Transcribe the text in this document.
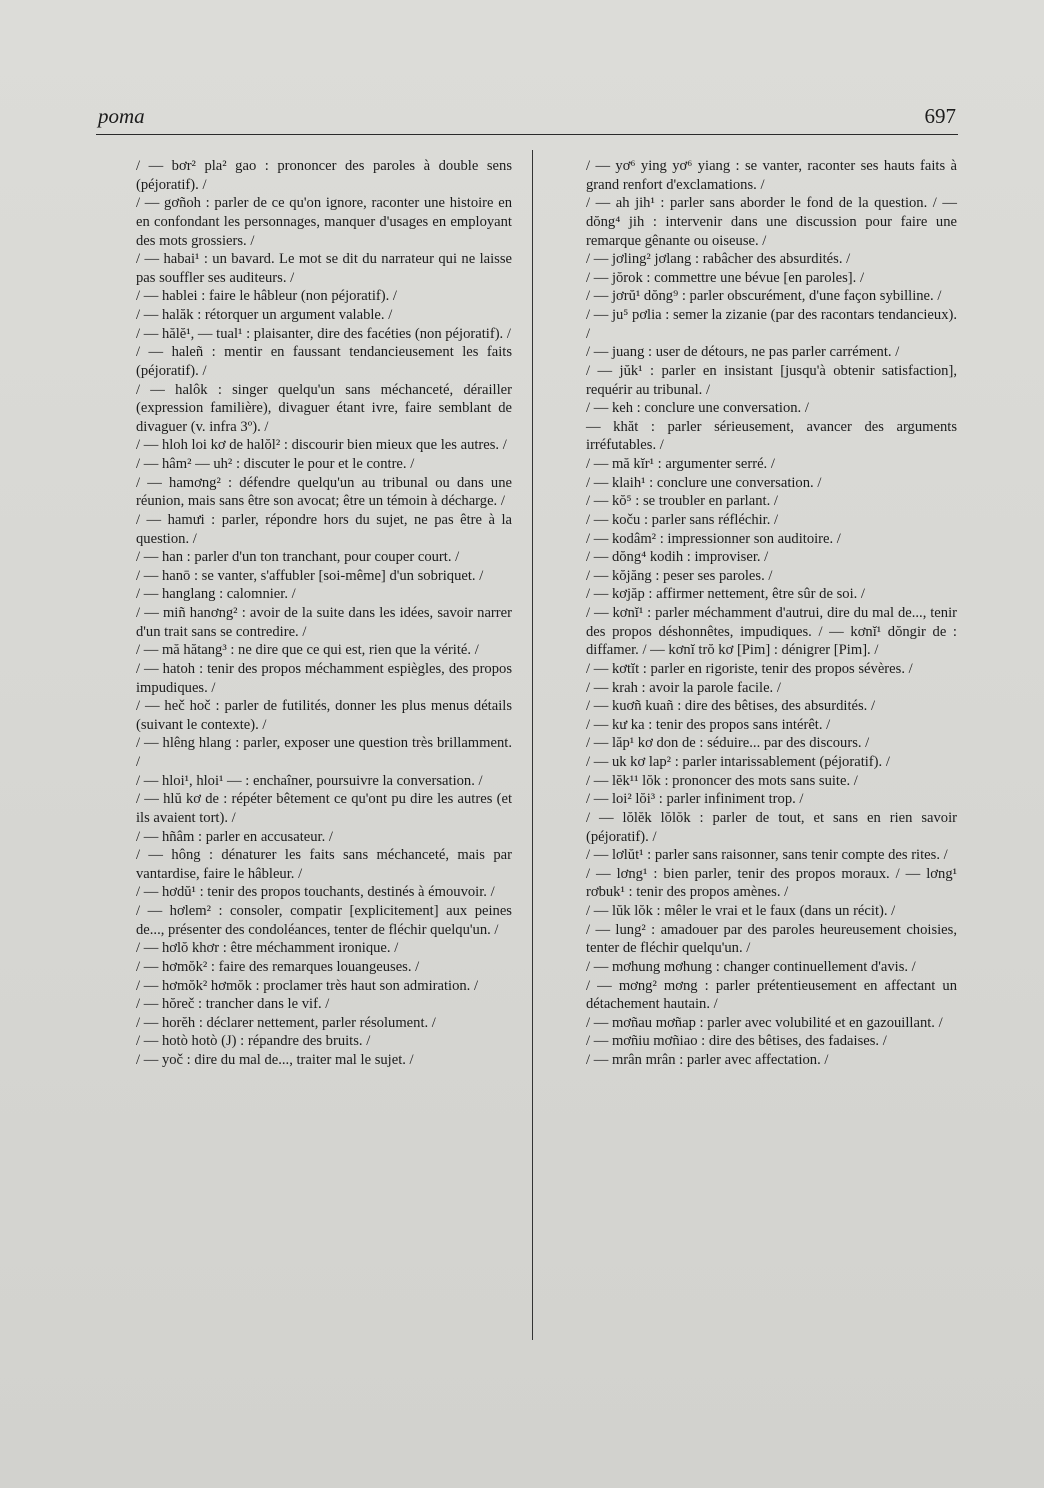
poma	697

/ — bơr² pla² gao : prononcer des paroles à double sens (péjoratif). /

/ — gơñoh : parler de ce qu'on ignore, raconter une histoire en en confondant les personnages, manquer d'usages en employant des mots grossiers. /

/ — habai¹ : un bavard. Le mot se dit du narrateur qui ne laisse pas souffler ses auditeurs. /

/ — hablei : faire le hâbleur (non péjoratif). /

/ — halăk : rétorquer un argument valable. /

/ — hălĕ¹, — tual¹ : plaisanter, dire des facéties (non péjoratif). /

/ — haleñ : mentir en faussant tendancieusement les faits (péjoratif). /

/ — halôk : singer quelqu'un sans méchanceté, dérailler (expression familière), divaguer étant ivre, faire semblant de divaguer (v. infra 3º). /

/ — hloh loi kơ de halŏl² : discourir bien mieux que les autres. /

/ — hâm² — uh² : discuter le pour et le contre. /

/ — hamơng² : défendre quelqu'un au tribunal ou dans une réunion, mais sans être son avocat; être un témoin à décharge. /

/ — hamưi : parler, répondre hors du sujet, ne pas être à la question. /

/ — han : parler d'un ton tranchant, pour couper court. /

/ — hanō : se vanter, s'affubler [soi-même] d'un sobriquet. /

/ — hanglang : calomnier. /

/ — miñ hanơng² : avoir de la suite dans les idées, savoir narrer d'un trait sans se contredire. /

/ — mă hătang³ : ne dire que ce qui est, rien que la vérité. /

/ — hatoh : tenir des propos méchamment espiègles, des propos impudiques. /

/ — heč hoč : parler de futilités, donner les plus menus détails (suivant le contexte). /

/ — hlêng hlang : parler, exposer une question très brillamment. /

/ — hloi¹, hloi¹ — : enchaîner, poursuivre la conversation. /

/ — hlŭ kơ de : répéter bêtement ce qu'ont pu dire les autres (et ils avaient tort). /

/ — hñâm : parler en accusateur. /

/ — hông : dénaturer les faits sans méchanceté, mais par vantardise, faire le hâbleur. /

/ — hơdŭ¹ : tenir des propos touchants, destinés à émouvoir. /

/ — hơlem² : consoler, compatir [explicitement] aux peines de..., présenter des condoléances, tenter de fléchir quelqu'un. /

/ — hơlŏ khơr : être méchamment ironique. /

/ — hơmŏk² : faire des remarques louangeuses. /

/ — hơmŏk² hơmŏk : proclamer très haut son admiration. /

/ — hŏreč : trancher dans le vif. /

/ — horĕh : déclarer nettement, parler résolument. /

/ — hotò hotò (J) : répandre des bruits. /

/ — yoč : dire du mal de..., traiter mal le sujet. /

/ — yơ⁶ ying yơ⁶ yiang : se vanter, raconter ses hauts faits à grand renfort d'exclamations. /

/ — ah jih¹ : parler sans aborder le fond de la question. / — dŏng⁴ jih : intervenir dans une discussion pour faire une remarque gênante ou oiseuse. /

/ — jơling² jơlang : rabâcher des absurdités. /

/ — jŏrok : commettre une bévue [en paroles]. /

/ — jơrŭ¹ dŏng⁹ : parler obscurément, d'une façon sybilline. /

/ — ju⁵ pơlia : semer la zizanie (par des racontars tendancieux). /

/ — juang : user de détours, ne pas parler carrément. /

/ — jŭk¹ : parler en insistant [jusqu'à obtenir satisfaction], requérir au tribunal. /

/ — keh : conclure une conversation. /

— khăt : parler sérieusement, avancer des arguments irréfutables. /

/ — mă kĭr¹ : argumenter serré. /

/ — klaih¹ : conclure une conversation. /

/ — kŏ⁵ : se troubler en parlant. /

/ — koču : parler sans réfléchir. /

/ — kodâm² : impressionner son auditoire. /

/ — dŏng⁴ kodih : improviser. /

/ — kŏjăng : peser ses paroles. /

/ — kơjăp : affirmer nettement, être sûr de soi. /

/ — kơnĭ¹ : parler méchamment d'autrui, dire du mal de..., tenir des propos déshonnêtes, impudiques. / — kơnĭ¹ dŏngir de : diffamer. / — kơnĭ trŏ kơ [Pim] : dénigrer [Pim]. /

/ — kơtĭt : parler en rigoriste, tenir des propos sévères. /

/ — krah : avoir la parole facile. /

/ — kuơñ kuañ : dire des bêtises, des absurdités. /

/ — kư ka : tenir des propos sans intérêt. /

/ — lăp¹ kơ don de : séduire... par des discours. /

/ — uk kơ lap² : parler intarissablement (péjoratif). /

/ — lĕk¹¹ lŏk : prononcer des mots sans suite. /

/ — loi² lŏi³ : parler infiniment trop. /

/ — lŏlĕk lŏlŏk : parler de tout, et sans en rien savoir (péjoratif). /

/ — lơlŭt¹ : parler sans raisonner, sans tenir compte des rites. /

/ — lơng¹ : bien parler, tenir des propos moraux. / — lơng¹ rơbuk¹ : tenir des propos amènes. /

/ — lŭk lŏk : mêler le vrai et le faux (dans un récit). /

/ — lung² : amadouer par des paroles heureusement choisies, tenter de fléchir quelqu'un. /

/ — mơhung mơhung : changer continuellement d'avis. /

/ — mơng² mơng : parler prétentieusement en affectant un détachement hautain. /

/ — mơñau mơñap : parler avec volubilité et en gazouillant. /

/ — mơñiu mơñiao : dire des bêtises, des fadaises. /

/ — mrân mrân : parler avec affectation. /
